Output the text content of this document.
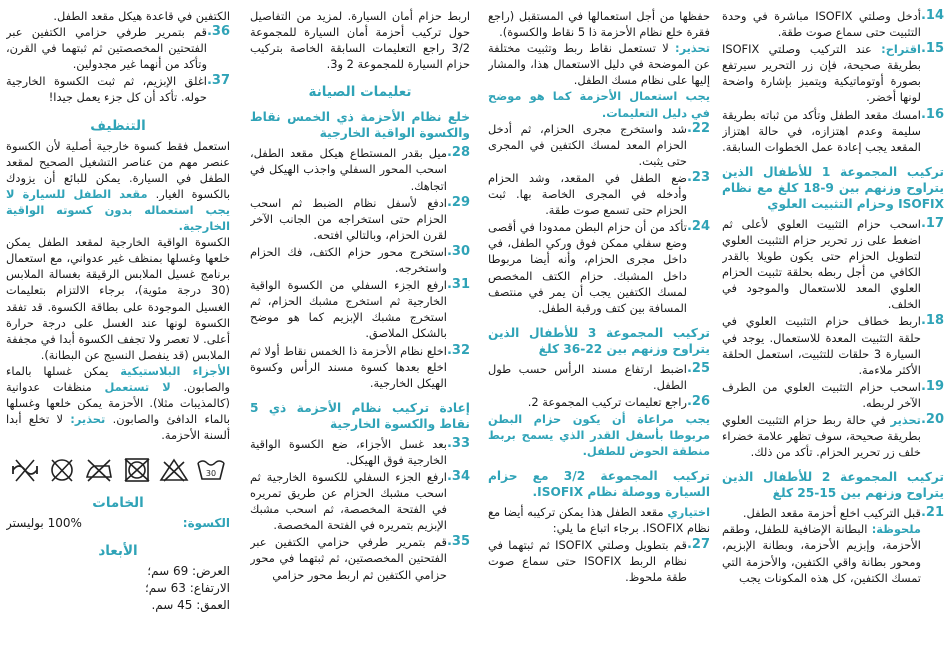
14.
أدخل وصلتي ISOFIX مباشرة في وحدة التثبيت حتى سماع صوت طقة.
15.
اقتراح: عند التركيب وصلتي ISOFIX بطريقة صحيحة، فإن زر التحرير سيرتفع بصورة أوتوماتيكية ويتميز بإشارة واضحة لونها أخضر.
16.
امسك مقعد الطفل وتأكد من ثباته بطريقة سليمة وعدم اهتزازه، في حالة اهتزاز المقعد يجب إعادة عمل الخطوات السابقة.
تركيب المجموعة 1 للأطفال الذين يتراوح وزنهم بين 9-18 كلغ مع نظام ISOFIX وحزام التثبيت العلوي
17.
اسحب حزام التثبيت العلوي لأعلى ثم اضغط على زر تحرير حزام التثبيت العلوي لتطويل الحزام حتى يكون طويلا بالقدر الكافي من أجل ربطه بحلقة تثبيت الحزام العلوي المعد للاستعمال والموجود في الخلف.
18.
اربط خطاف حزام التثبيت العلوي في حلقة التثبيت المعدة للاستعمال. يوجد في السيارة 3 حلقات للتثبيت، استعمل الحلقة الأكثر ملاءمة.
19.
اسحب حزام التثبيت العلوي من الطرف الآخر لربطه.
20.
تحذير في حالة ربط حزام التثبيت العلوي بطريقة صحيحة، سوف تظهر علامة خضراء خلف زر تحرير الحزام. تأكد من ذلك.
تركيب المجموعة 2 للأطفال الذين يتراوح وزنهم بين 15-25 كلغ
21.
قبل التركيب اخلع أحزمة مقعد الطفل.
ملحوظة: البطانة الإضافية للطفل، وطقم الأحزمة، وإبزيم الأحزمة، وبطانة الإبزيم، ومحور بطانة واقي الكتفين، والأحزمة التي تمسك الكتفين، كل هذه المكونات يجب
حفظها من أجل استعمالها في المستقبل (راجع فقرة خلع نظام الأحزمة ذا 5 نقاط والكسوة).
تحذير: لا تستعمل نقاط ربط وتثبيت مختلفة عن الموضحة في دليل الاستعمال هذا، والمشار إليها على نظام مسك الطفل.
يجب استعمال الأحزمة كما هو موضح في دليل التعليمات.
22.
شد واستخرج مجرى الحزام، ثم أدخل الحزام المعد لمسك الكتفين في المجرى حتى يثبت.
23.
ضع الطفل في المقعد، وشد الحزام وأدخله في المجرى الخاصة بها. ثبت الحزام حتى تسمع صوت طقة.
24.
تأكد من أن حزام البطن ممدودا في أقصى وضع سفلي ممكن فوق وركي الطفل، في داخل مجرى الحزام، وأنه أيضا مربوطا داخل المشبك. حزام الكتف المخصص لمسك الكتفين يجب أن يمر في منتصف المسافة بين كتف ورقبة الطفل.
تركيب المجموعة 3 للأطفال الذين يتراوح وزنهم بين 22-36 كلغ
25.
اضبط ارتفاع مسند الرأس حسب طول الطفل.
26.
راجع تعليمات تركيب المجموعة 2.
يجب مراعاة أن يكون حزام البطن مربوطا بأسفل القدر الذي يسمح بربط منطقة الحوض للطفل.
تركيب المجموعة 3/2 مع حزام السيارة ووصلة نظام ISOFIX.
اختياري مقعد الطفل هذا يمكن تركيبه أيضا مع نظام ISOFIX. برجاء اتباع ما يلي:
27.
قم بتطويل وصلتي ISOFIX ثم ثبتهما في نظام الربط ISOFIX حتى سماع صوت طقة ملحوظ.
اربط حزام أمان السيارة. لمزيد من التفاصيل حول تركيب أحزمة أمان السيارة للمجموعة 3/2 راجع التعليمات السابقة الخاصة بتركيب حزام السيارة للمجموعة 2 و3.
تعليمات الصيانة
خلع نظام الأحزمة ذي الخمس نقاط والكسوة الواقية الخارجية
28.
ميل بقدر المستطاع هيكل مقعد الطفل، اسحب المحور السفلي واجذب الهيكل في اتجاهك.
29.
ادفع لأسفل نظام الضبط ثم اسحب الحزام حتى استخراجه من الجانب الآخر لقرن الحزام، وبالتالي افتحه.
30.
استخرج محور حزام الكتف، فك الحزام واستخرجه.
31.
ارفع الجزء السفلي من الكسوة الواقية الخارجية ثم استخرج مشبك الحزام، ثم استخرج مشبك الإبزيم كما هو موضح بالشكل الملاصق.
32.
اخلع نظام الأحزمة ذا الخمس نقاط أولا ثم اخلع بعدها كسوة مسند الرأس وكسوة الهيكل الخارجية.
إعادة تركيب نظام الأحزمة ذي 5 نقاط والكسوة الخارجية
33.
بعد غسل الأجزاء، ضع الكسوة الواقية الخارجية فوق الهيكل.
34.
ارفع الجزء السفلي للكسوة الخارجية ثم اسحب مشبك الحزام عن طريق تمريره في الفتحة المخصصة، ثم اسحب مشبك الإبزيم بتمريره في الفتحة المخصصة.
35.
قم بتمرير طرفي حزامي الكتفين عبر الفتحتين المخصصتين، ثم ثبتهما في محور حزامي الكتفين ثم اربط محور حزامي
الكتفين في قاعدة هيكل مقعد الطفل.
36.
قم بتمرير طرفي حزامي الكتفين عبر الفتحتين المخصصتين ثم ثبتهما في القرن، وتأكد من أنهما غير مجدولين.
37.
اغلق الإبزيم، ثم ثبت الكسوة الخارجية حوله. تأكد أن كل جزء يعمل جيدا!
التنظيف
استعمل فقط كسوة خارجية أصلية لأن الكسوة عنصر مهم من عناصر التشغيل الصحيح لمقعد الطفل في السيارة. يمكن للبائع أن يزودك بالكسوة الغيار. مقعد الطفل للسيارة لا يجب استعماله بدون كسوته الواقية الخارجية.
الكسوة الواقية الخارجية لمقعد الطفل يمكن خلعها وغسلها بمنظف غير عدواني، مع استعمال برنامج غسيل الملابس الرقيقة بغسالة الملابس (30 درجة مئوية)، برجاء الالتزام بتعليمات الغسيل الموجودة على بطاقة الكسوة. قد تفقد الكسوة لونها عند الغسل على درجة حرارة أعلى. لا تعصر ولا تجفف الكسوة أبدا في مجففة الملابس (قد ينفصل النسيج عن البطانة).
الأجزاء البلاستيكية يمكن غسلها بالماء والصابون. لا تستعمل منظفات عدوانية (كالمذيبات مثلا). الأحزمة يمكن خلعها وغسلها بالماء الدافئ والصابون. تحذير: لا تخلع أبدا ألسنة الأحزمة.
30
الخامات
الكسوة:
100% بوليستر
الأبعاد
العرض: 69 سم؛
الارتفاع: 63 سم؛
العمق: 45 سم.
